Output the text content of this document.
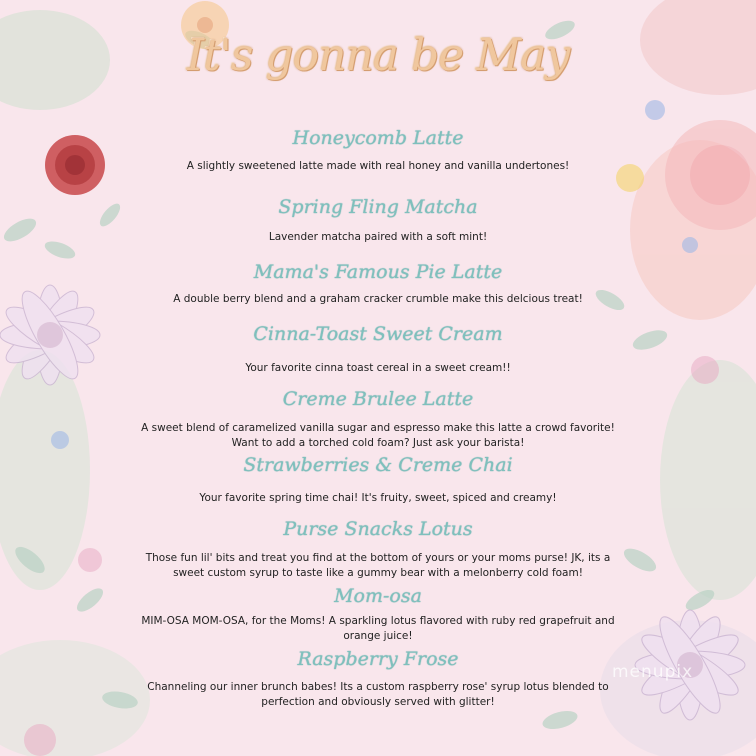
It's gonna be May
Honeycomb Latte
A slightly sweetened latte made with real honey and vanilla undertones!
Spring Fling Matcha
Lavender matcha paired with a soft mint!
Mama's Famous Pie Latte
A double berry blend and a graham cracker crumble make this delcious treat!
Cinna-Toast Sweet Cream
Your favorite cinna toast cereal in a sweet cream!!
Creme Brulee Latte
A sweet blend of caramelized vanilla sugar and espresso make this latte a crowd favorite! Want to add a torched cold foam? Just ask your barista!
Strawberries & Creme Chai
Your favorite spring time chai! It's fruity, sweet, spiced and creamy!
Purse Snacks Lotus
Those fun lil' bits and treat you find at the bottom of yours or your moms purse! JK, its a sweet custom syrup to taste like a gummy bear with a melonberry cold foam!
Mom-osa
MIM-OSA MOM-OSA, for the Moms! A sparkling lotus flavored with ruby red grapefruit and orange juice!
Raspberry Frose
Channeling our inner brunch babes! Its a custom raspberry rose' syrup lotus blended to perfection and obviously served with glitter!
menupix
